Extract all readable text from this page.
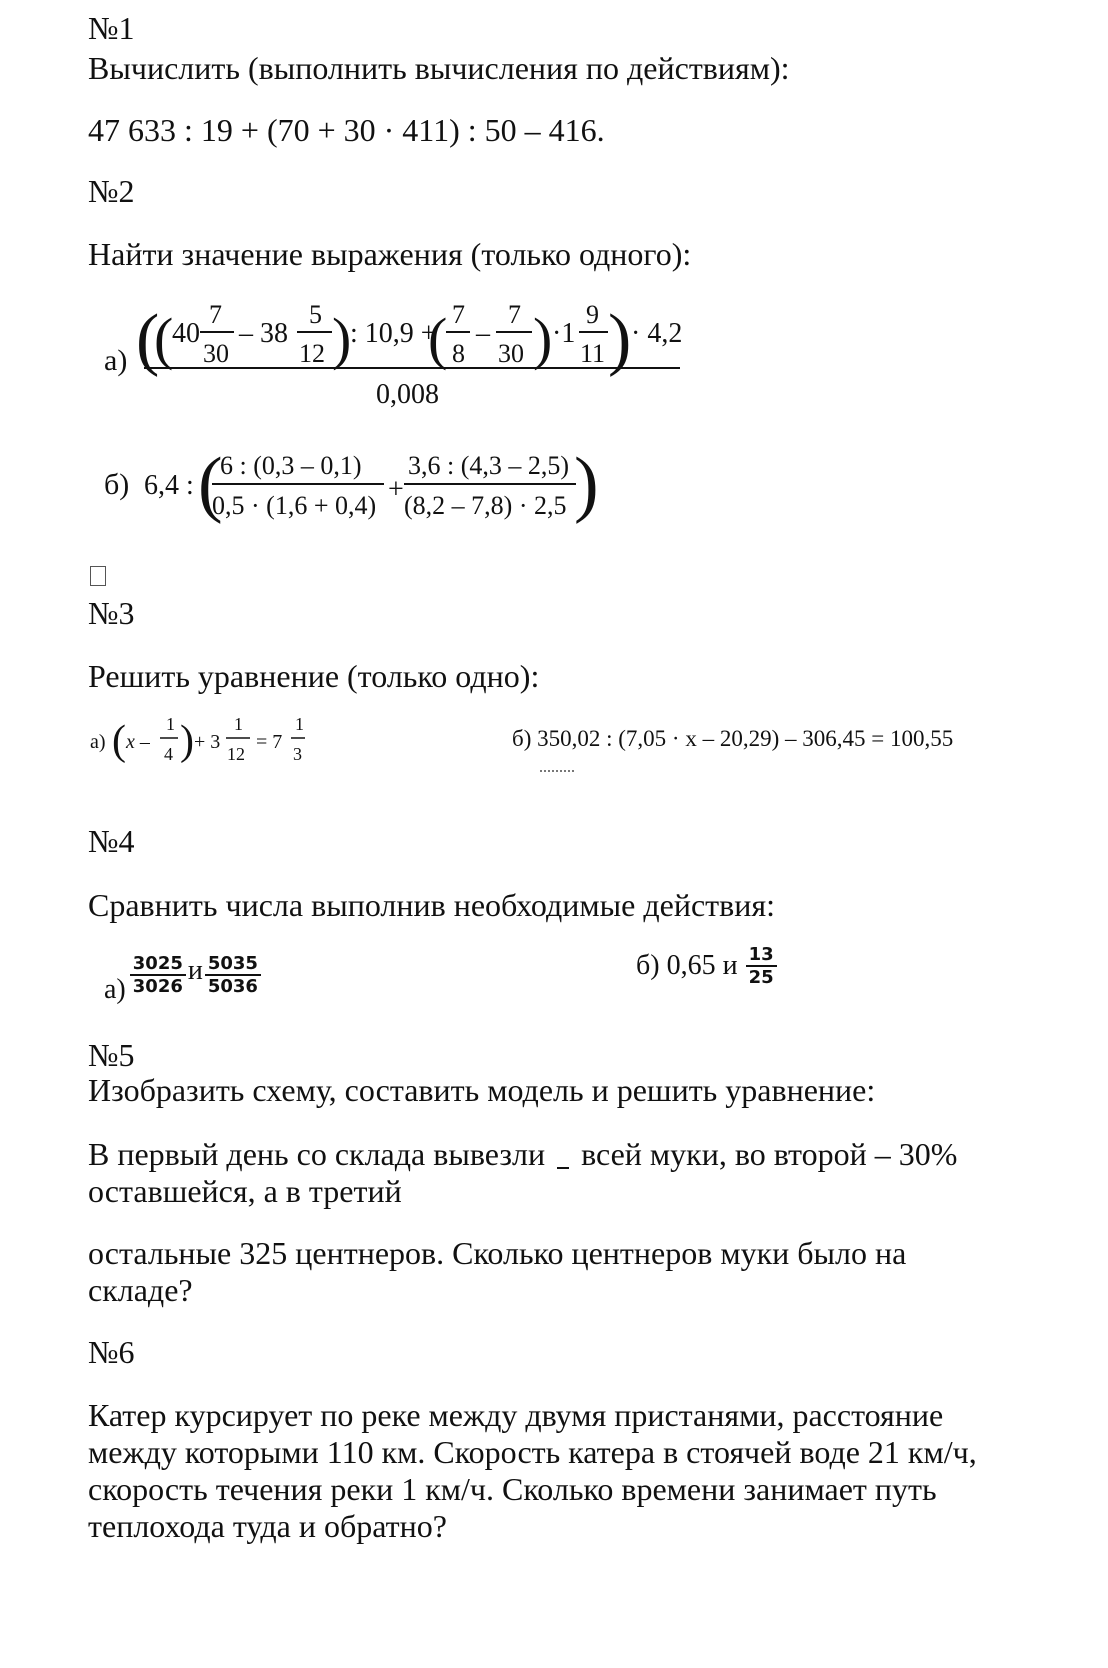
№1
Вычислить (выполнить вычисления по действиям):
47 633 : 19 + (70 + 30 · 411) : 50 – 416.
№2
Найти значение выражения (только одного):
а) (
(
40
7
30
– 38
5
12 )
: 10,9 +
( 7
8
–
7
30 ) ·1
9
11 ) · 4,2
0,008
б) 6,4 : (
6 : (0,3 – 0,1)
0,5 · (1,6 + 0,4)
+
3,6 : (4,3 – 2,5)
(8,2 – 7,8) · 2,5 )
№3
Решить уравнение (только одно):
а) ( x –
1
4 ) + 3
1
12
= 7
1
3
б) 350,02 : (7,05 · x – 20,29) – 306,45 = 100,55
№4
Сравнить числа выполнив необходимые действия:
$а) \frac{3025}{3026}$ и $\frac{5035}{5036}$	б) 0,65 и $\frac{13}{25}$
№5
Изобразить схему, составить модель и решить уравнение:
В первый день со склада вывезли всей муки, во второй – 30%
оставшейся, а в третий
остальные 325 центнеров. Сколько центнеров муки было на
складе?
№6
Катер курсирует по реке между двумя пристанями, расстояние
между которыми 110 км. Скорость катера в стоячей воде 21 км/ч,
скорость течения реки 1 км/ч. Сколько времени занимает путь
теплохода туда и обратно?
